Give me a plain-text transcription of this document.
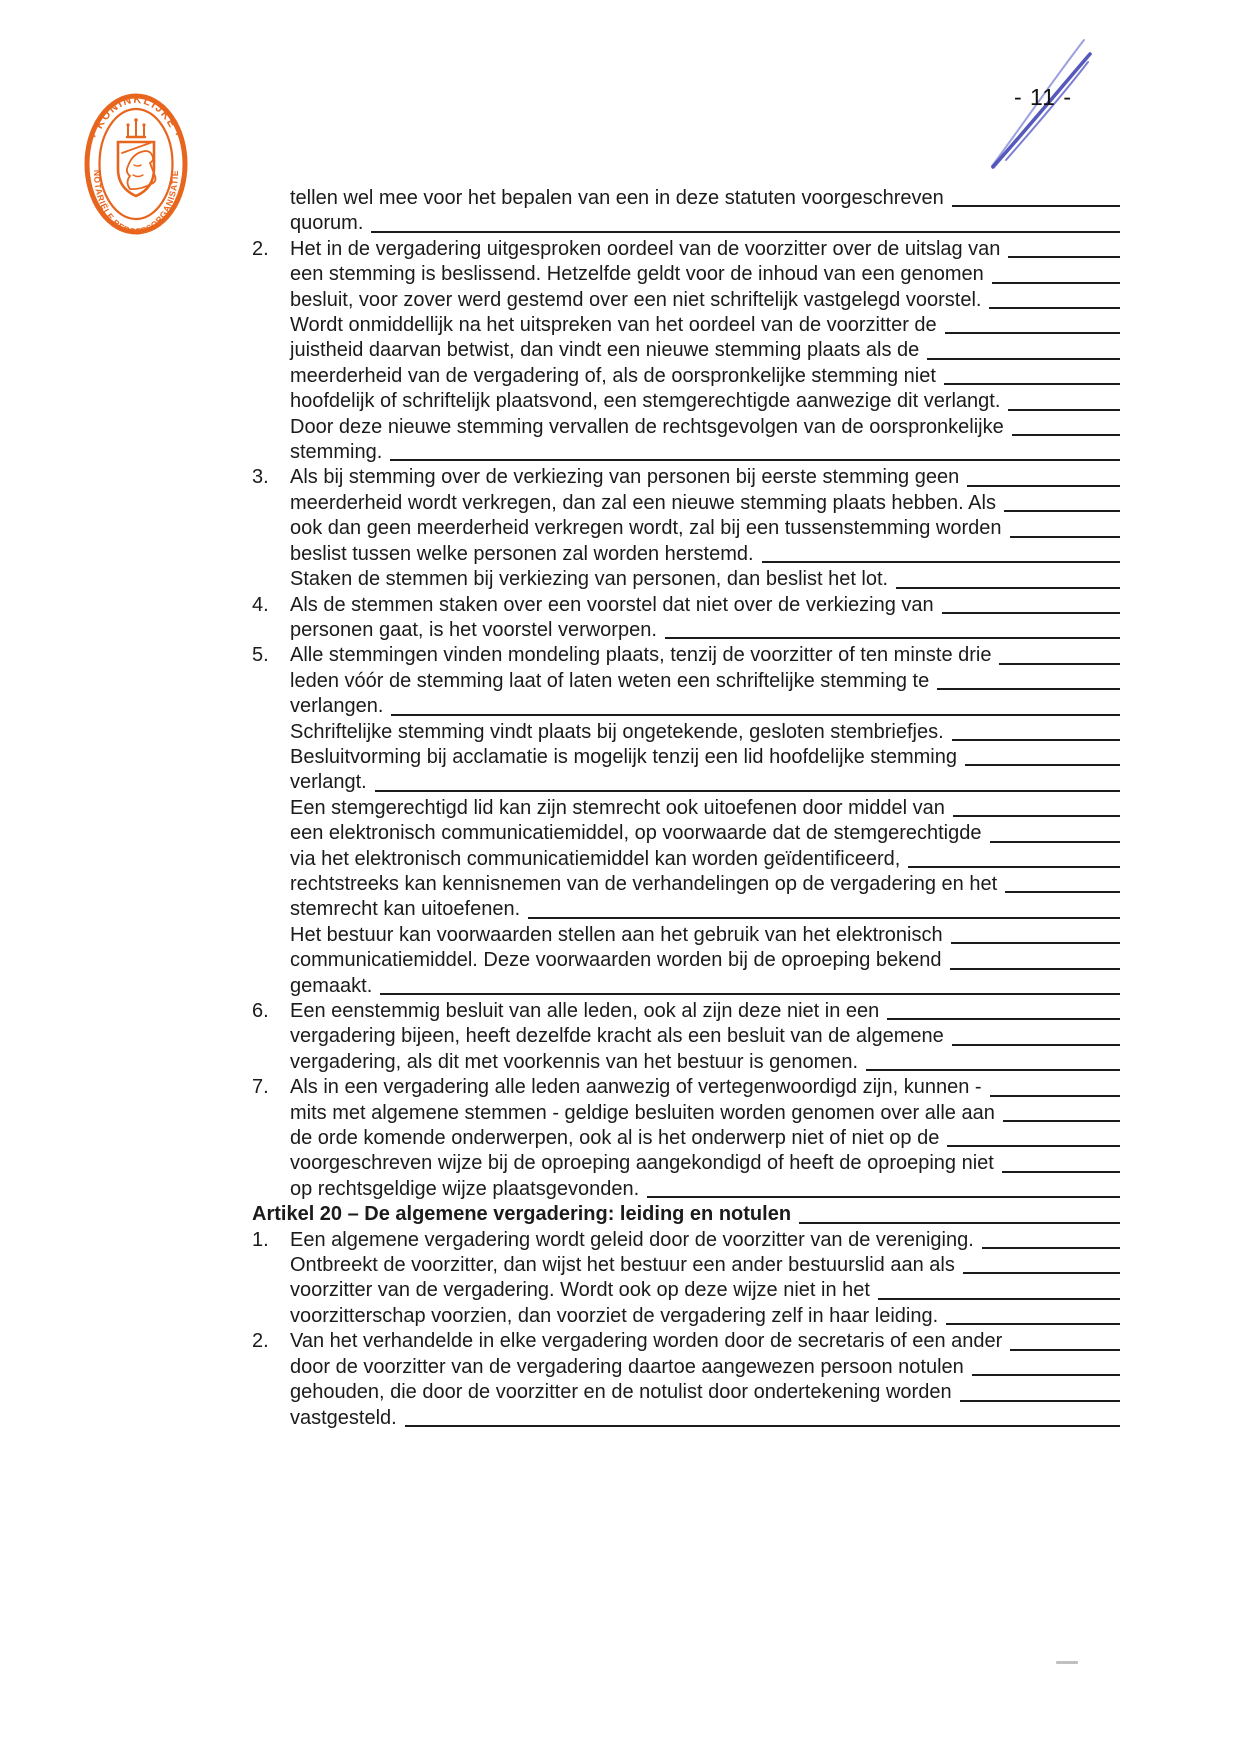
· KONINKLIJKE ·
NOTARIËLE BEROEPSORGANISATIE
- 11 -
tellen wel mee voor het bepalen van een in deze statuten voorgeschreven
quorum.
2.	Het in de vergadering uitgesproken oordeel van de voorzitter over de uitslag van
een stemming is beslissend. Hetzelfde geldt voor de inhoud van een genomen
besluit, voor zover werd gestemd over een niet schriftelijk vastgelegd voorstel.
Wordt onmiddellijk na het uitspreken van het oordeel van de voorzitter de
juistheid daarvan betwist, dan vindt een nieuwe stemming plaats als de
meerderheid van de vergadering of, als de oorspronkelijke stemming niet
hoofdelijk of schriftelijk plaatsvond, een stemgerechtigde aanwezige dit verlangt.
Door deze nieuwe stemming vervallen de rechtsgevolgen van de oorspronkelijke
stemming.
3.	Als bij stemming over de verkiezing van personen bij eerste stemming geen
meerderheid wordt verkregen, dan zal een nieuwe stemming plaats hebben. Als
ook dan geen meerderheid verkregen wordt, zal bij een tussenstemming worden
beslist tussen welke personen zal worden herstemd.
Staken de stemmen bij verkiezing van personen, dan beslist het lot.
4.	Als de stemmen staken over een voorstel dat niet over de verkiezing van
personen gaat, is het voorstel verworpen.
5.	Alle stemmingen vinden mondeling plaats, tenzij de voorzitter of ten minste drie
leden vóór de stemming laat of laten weten een schriftelijke stemming te
verlangen.
Schriftelijke stemming vindt plaats bij ongetekende, gesloten stembriefjes.
Besluitvorming bij acclamatie is mogelijk tenzij een lid hoofdelijke stemming
verlangt.
Een stemgerechtigd lid kan zijn stemrecht ook uitoefenen door middel van
een elektronisch communicatiemiddel, op voorwaarde dat de stemgerechtigde
via het elektronisch communicatiemiddel kan worden geïdentificeerd,
rechtstreeks kan kennisnemen van de verhandelingen op de vergadering en het
stemrecht kan uitoefenen.
Het bestuur kan voorwaarden stellen aan het gebruik van het elektronisch
communicatiemiddel. Deze voorwaarden worden bij de oproeping bekend
gemaakt.
6.	Een eenstemmig besluit van alle leden, ook al zijn deze niet in een
vergadering bijeen, heeft dezelfde kracht als een besluit van de algemene
vergadering, als dit met voorkennis van het bestuur is genomen.
7.	Als in een vergadering alle leden aanwezig of vertegenwoordigd zijn, kunnen -
mits met algemene stemmen - geldige besluiten worden genomen over alle aan
de orde komende onderwerpen, ook al is het onderwerp niet of niet op de
voorgeschreven wijze bij de oproeping aangekondigd of heeft de oproeping niet
op rechtsgeldige wijze plaatsgevonden.
Artikel 20 – De algemene vergadering: leiding en notulen
1.	Een algemene vergadering wordt geleid door de voorzitter van de vereniging.
Ontbreekt de voorzitter, dan wijst het bestuur een ander bestuurslid aan als
voorzitter van de vergadering. Wordt ook op deze wijze niet in het
voorzitterschap voorzien, dan voorziet de vergadering zelf in haar leiding.
2.	Van het verhandelde in elke vergadering worden door de secretaris of een ander
door de voorzitter van de vergadering daartoe aangewezen persoon notulen
gehouden, die door de voorzitter en de notulist door ondertekening worden
vastgesteld.
